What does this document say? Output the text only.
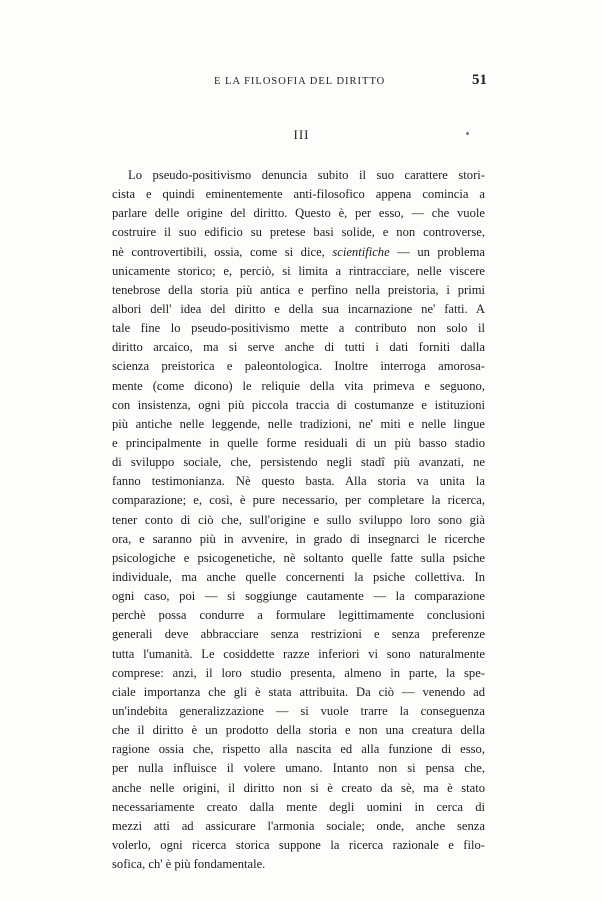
E LA FILOSOFIA DEL DIRITTO	51
III
Lo pseudo-positivismo denuncia subito il suo carattere stori-
cista e quindi eminentemente anti-filosofico appena comincia a
parlare delle origine del diritto. Questo è, per esso, — che vuole
costruire il suo edificio su pretese basi solide, e non controverse,
nè controvertibili, ossia, come si dice, scientifiche — un problema
unicamente storico; e, perciò, si limita a rintracciare, nelle viscere
tenebrose della storia più antica e perfino nella preistoria, i primi
albori dell' idea del diritto e della sua incarnazione ne' fatti. A
tale fine lo pseudo-positivismo mette a contributo non solo il
diritto arcaico, ma si serve anche di tutti i dati forniti dalla
scienza preistorica e paleontologica. Inoltre interroga amorosa-
mente (come dicono) le reliquie della vita primeva e seguono,
con insistenza, ogni più piccola traccia di costumanze e istituzioni
più antiche nelle leggende, nelle tradizioni, ne' miti e nelle lingue
e principalmente in quelle forme residuali di un più basso stadio
di sviluppo sociale, che, persistendo negli stadî più avanzati, ne
fanno testimonianza. Nè questo basta. Alla storia va unita la
comparazione; e, così, è pure necessario, per completare la ricerca,
tener conto di ciò che, sull'origine e sullo sviluppo loro sono già
ora, e saranno più in avvenire, in grado di insegnarci le ricerche
psicologiche e psicogenetiche, nè soltanto quelle fatte sulla psiche
individuale, ma anche quelle concernenti la psiche collettiva. In
ogni caso, poi — si soggiunge cautamente — la comparazione
perchè possa condurre a formulare legittimamente conclusioni
generali deve abbracciare senza restrizioni e senza preferenze
tutta l'umanità. Le cosiddette razze inferiori vi sono naturalmente
comprese: anzi, il loro studio presenta, almeno in parte, la spe-
ciale importanza che gli è stata attribuita. Da ciò — venendo ad
un'indebita generalizzazione — si vuole trarre la conseguenza
che il diritto è un prodotto della storia e non una creatura della
ragione ossia che, rispetto alla nascita ed alla funzione di esso,
per nulla influisce il volere umano. Intanto non si pensa che,
anche nelle origini, il diritto non si è creato da sè, ma è stato
necessariamente creato dalla mente degli uomini in cerca di
mezzi atti ad assicurare l'armonia sociale; onde, anche senza
volerlo, ogni ricerca storica suppone la ricerca razionale e filo-
sofica, ch' è più fondamentale.
